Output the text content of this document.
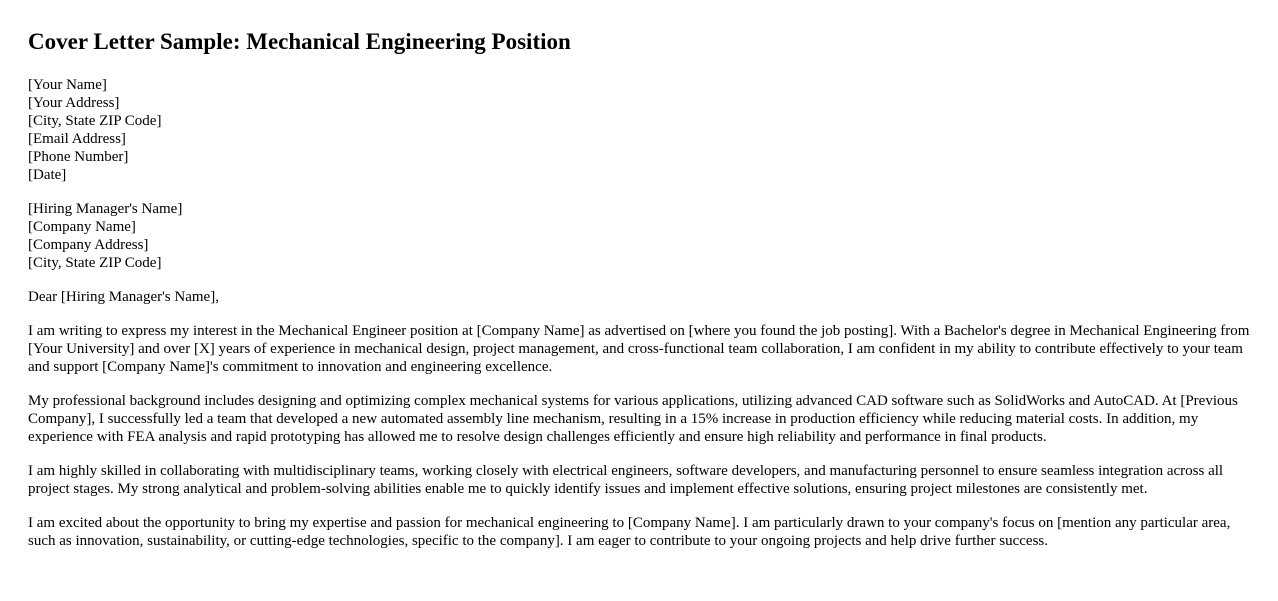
Cover Letter Sample: Mechanical Engineering Position
[Your Name]
[Your Address]
[City, State ZIP Code]
[Email Address]
[Phone Number]
[Date]
[Hiring Manager's Name]
[Company Name]
[Company Address]
[City, State ZIP Code]
Dear [Hiring Manager's Name],

I am writing to express my interest in the Mechanical Engineer position at [Company Name] as advertised on [where you found the job posting]. With a Bachelor's degree in Mechanical Engineering from [Your University] and over [X] years of experience in mechanical design, project management, and cross-functional team collaboration, I am confident in my ability to contribute effectively to your team and support [Company Name]'s commitment to innovation and engineering excellence.

My professional background includes designing and optimizing complex mechanical systems for various applications, utilizing advanced CAD software such as SolidWorks and AutoCAD. At [Previous Company], I successfully led a team that developed a new automated assembly line mechanism, resulting in a 15% increase in production efficiency while reducing material costs. In addition, my experience with FEA analysis and rapid prototyping has allowed me to resolve design challenges efficiently and ensure high reliability and performance in final products.

I am highly skilled in collaborating with multidisciplinary teams, working closely with electrical engineers, software developers, and manufacturing personnel to ensure seamless integration across all project stages. My strong analytical and problem-solving abilities enable me to quickly identify issues and implement effective solutions, ensuring project milestones are consistently met.

I am excited about the opportunity to bring my expertise and passion for mechanical engineering to [Company Name]. I am particularly drawn to your company's focus on [mention any particular area, such as innovation, sustainability, or cutting-edge technologies, specific to the company]. I am eager to contribute to your ongoing projects and help drive further success.
